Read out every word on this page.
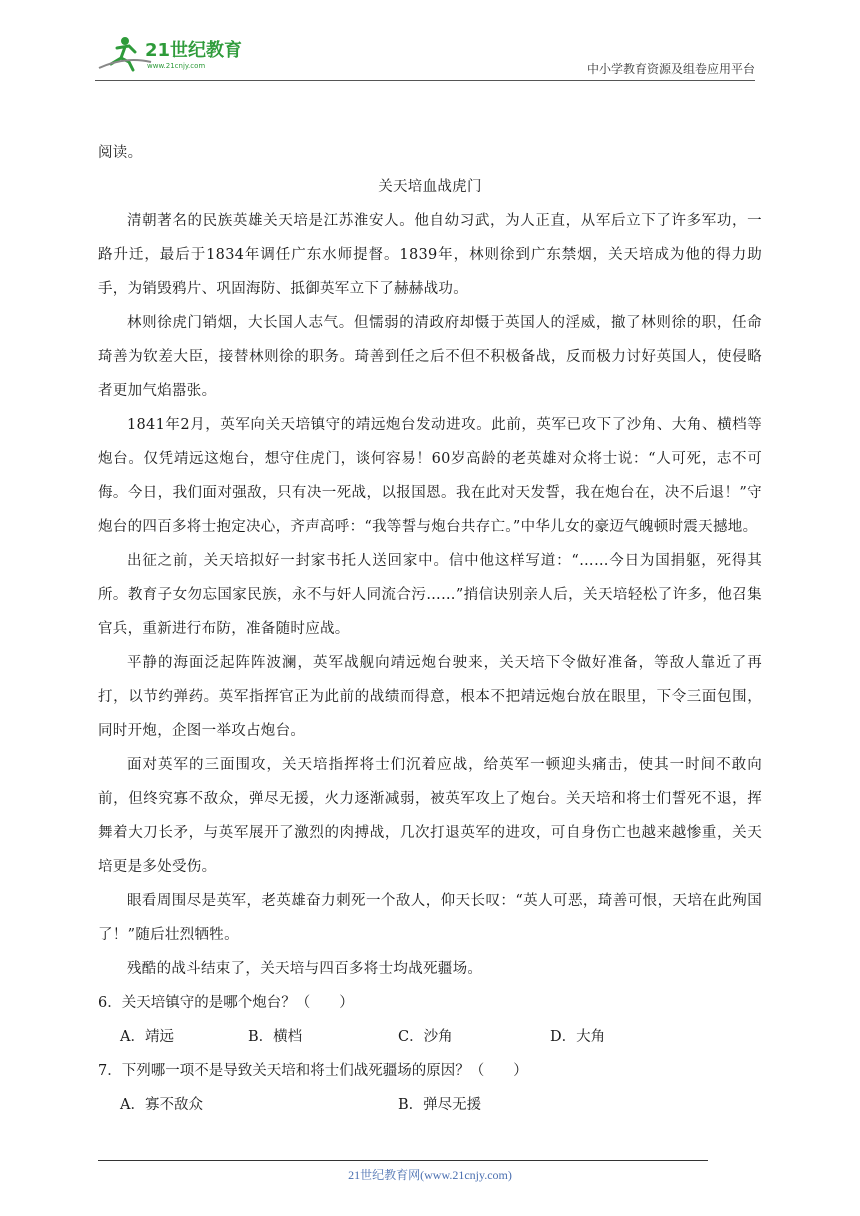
21世纪教育
www.21cnjy.com	中小学教育资源及组卷应用平台

阅读。

关天培血战虎门

清朝著名的民族英雄关天培是江苏淮安人。他自幼习武，为人正直，从军后立下了许多军功，一路升迁，最后于1834年调任广东水师提督。1839年，林则徐到广东禁烟，关天培成为他的得力助手，为销毁鸦片、巩固海防、抵御英军立下了赫赫战功。

林则徐虎门销烟，大长国人志气。但懦弱的清政府却慑于英国人的淫威，撤了林则徐的职，任命琦善为钦差大臣，接替林则徐的职务。琦善到任之后不但不积极备战，反而极力讨好英国人，使侵略者更加气焰嚣张。

1841年2月，英军向关天培镇守的靖远炮台发动进攻。此前，英军已攻下了沙角、大角、横档等炮台。仅凭靖远这炮台，想守住虎门，谈何容易！60岁高龄的老英雄对众将士说：“人可死，志不可侮。今日，我们面对强敌，只有决一死战，以报国恩。我在此对天发誓，我在炮台在，决不后退！”守炮台的四百多将士抱定决心，齐声高呼：“我等誓与炮台共存亡。”中华儿女的豪迈气魄顿时震天撼地。

出征之前，关天培拟好一封家书托人送回家中。信中他这样写道：“……今日为国捐躯，死得其所。教育子女勿忘国家民族，永不与奸人同流合污……”捎信诀别亲人后，关天培轻松了许多，他召集官兵，重新进行布防，准备随时应战。

平静的海面泛起阵阵波澜，英军战舰向靖远炮台驶来，关天培下令做好准备，等敌人靠近了再打，以节约弹药。英军指挥官正为此前的战绩而得意，根本不把靖远炮台放在眼里，下令三面包围，同时开炮，企图一举攻占炮台。

面对英军的三面围攻，关天培指挥将士们沉着应战，给英军一顿迎头痛击，使其一时间不敢向前，但终究寡不敌众，弹尽无援，火力逐渐减弱，被英军攻上了炮台。关天培和将士们誓死不退，挥舞着大刀长矛，与英军展开了激烈的肉搏战，几次打退英军的进攻，可自身伤亡也越来越惨重，关天培更是多处受伤。

眼看周围尽是英军，老英雄奋力刺死一个敌人，仰天长叹：“英人可恶，琦善可恨，天培在此殉国了！”随后壮烈牺牲。

残酷的战斗结束了，关天培与四百多将士均战死疆场。

6．关天培镇守的是哪个炮台？（　　）

A．靖远	B．横档	C．沙角	D．大角

7．下列哪一项不是导致关天培和将士们战死疆场的原因？（　　）

A．寡不敌众	B．弹尽无援
21世纪教育网(www.21cnjy.com)
